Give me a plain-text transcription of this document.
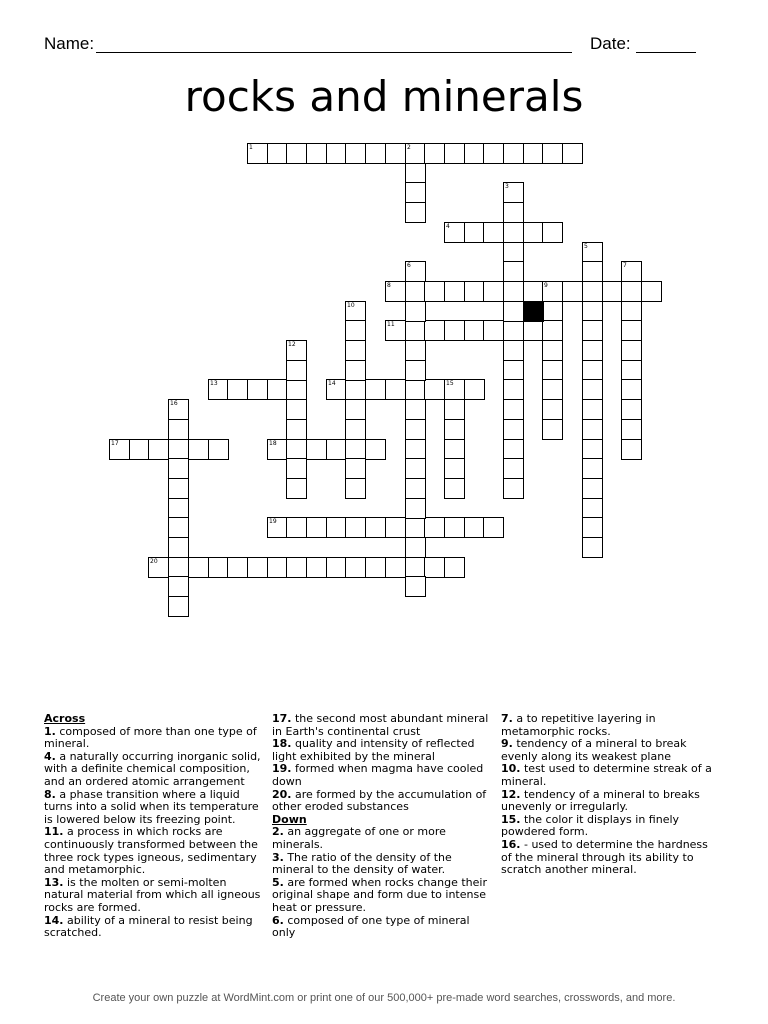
Name:	Date:
rocks and minerals
1	2
4
8	9
11
13	14	15
17	18
19
20
3
5
6	7
10
12
16
Across
1. composed of more than one type of mineral.
4. a naturally occurring inorganic solid, with a definite chemical composition, and an ordered atomic arrangement
8. a phase transition where a liquid turns into a solid when its temperature is lowered below its freezing point.
11. a process in which rocks are continuously transformed between the three rock types igneous, sedimentary and metamorphic.
13. is the molten or semi-molten natural material from which all igneous rocks are formed.
14. ability of a mineral to resist being scratched.
17. the second most abundant mineral in Earth's continental crust
18. quality and intensity of reflected light exhibited by the mineral
19. formed when magma have cooled down
20. are formed by the accumulation of other eroded substances
Down
2. an aggregate of one or more minerals.
3. The ratio of the density of the mineral to the density of water.
5. are formed when rocks change their original shape and form due to intense heat or pressure.
6. composed of one type of mineral only
7. a to repetitive layering in metamorphic rocks.
9. tendency of a mineral to break evenly along its weakest plane
10. test used to determine streak of a mineral.
12. tendency of a mineral to breaks unevenly or irregularly.
15. the color it displays in finely powdered form.
16. - used to determine the hardness of the mineral through its ability to scratch another mineral.
Create your own puzzle at WordMint.com or print one of our 500,000+ pre-made word searches, crosswords, and more.
